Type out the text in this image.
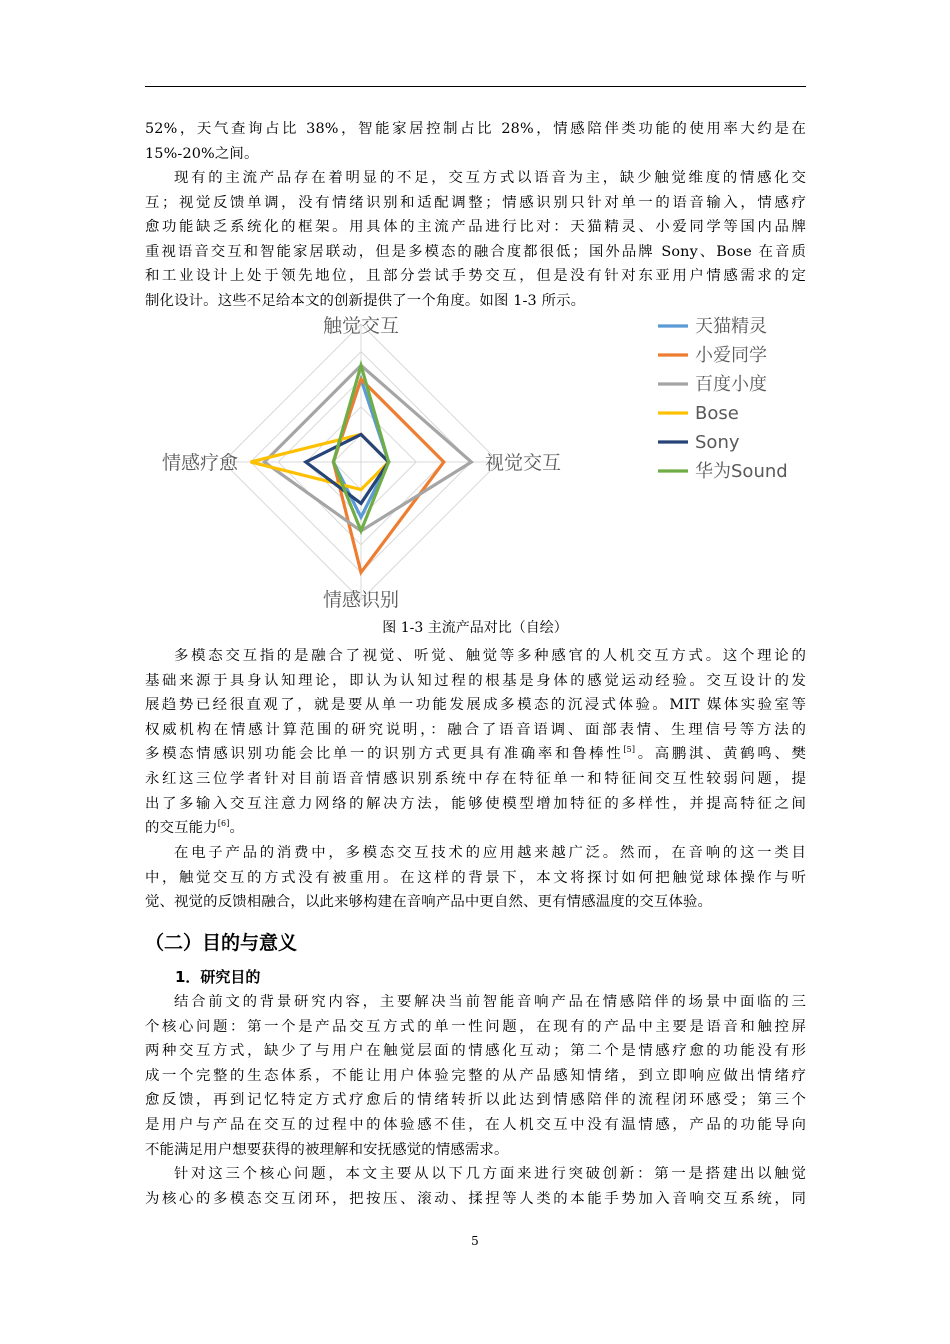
52%，天气查询占比 38%，智能家居控制占比 28%，情感陪伴类功能的使用率大约是在
15%-20%之间。
现有的主流产品存在着明显的不足，交互方式以语音为主，缺少触觉维度的情感化交
互；视觉反馈单调，没有情绪识别和适配调整；情感识别只针对单一的语音输入，情感疗
愈功能缺乏系统化的框架。用具体的主流产品进行比对：天猫精灵、小爱同学等国内品牌
重视语音交互和智能家居联动，但是多模态的融合度都很低；国外品牌 Sony、Bose 在音质
和工业设计上处于领先地位，且部分尝试手势交互，但是没有针对东亚用户情感需求的定
制化设计。这些不足给本文的创新提供了一个角度。如图 1-3 所示。
触觉交互
视觉交互
情感识别
情感疗愈
天猫精灵
小爱同学
百度小度
Bose
Sony
华为Sound
图 1-3 主流产品对比（自绘）
多模态交互指的是融合了视觉、听觉、触觉等多种感官的人机交互方式。这个理论的
基础来源于具身认知理论，即认为认知过程的根基是身体的感觉运动经验。交互设计的发
展趋势已经很直观了，就是要从单一功能发展成多模态的沉浸式体验。MIT 媒体实验室等
权威机构在情感计算范围的研究说明，：融合了语音语调、面部表情、生理信号等方法的
多模态情感识别功能会比单一的识别方式更具有准确率和鲁棒性[5]。高鹏淇、黄鹤鸣、樊
永红这三位学者针对目前语音情感识别系统中存在特征单一和特征间交互性较弱问题，提
出了多输入交互注意力网络的解决方法，能够使模型增加特征的多样性，并提高特征之间
的交互能力[6]。
在电子产品的消费中，多模态交互技术的应用越来越广泛。然而，在音响的这一类目
中，触觉交互的方式没有被重用。在这样的背景下，本文将探讨如何把触觉球体操作与听
觉、视觉的反馈相融合，以此来够构建在音响产品中更自然、更有情感温度的交互体验。
（二）目的与意义
1．研究目的
结合前文的背景研究内容，主要解决当前智能音响产品在情感陪伴的场景中面临的三
个核心问题：第一个是产品交互方式的单一性问题，在现有的产品中主要是语音和触控屏
两种交互方式，缺少了与用户在触觉层面的情感化互动；第二个是情感疗愈的功能没有形
成一个完整的生态体系，不能让用户体验完整的从产品感知情绪，到立即响应做出情绪疗
愈反馈，再到记忆特定方式疗愈后的情绪转折以此达到情感陪伴的流程闭环感受；第三个
是用户与产品在交互的过程中的体验感不佳，在人机交互中没有温情感，产品的功能导向
不能满足用户想要获得的被理解和安抚感觉的情感需求。
针对这三个核心问题，本文主要从以下几方面来进行突破创新：第一是搭建出以触觉
为核心的多模态交互闭环，把按压、滚动、揉捏等人类的本能手势加入音响交互系统，同
5
